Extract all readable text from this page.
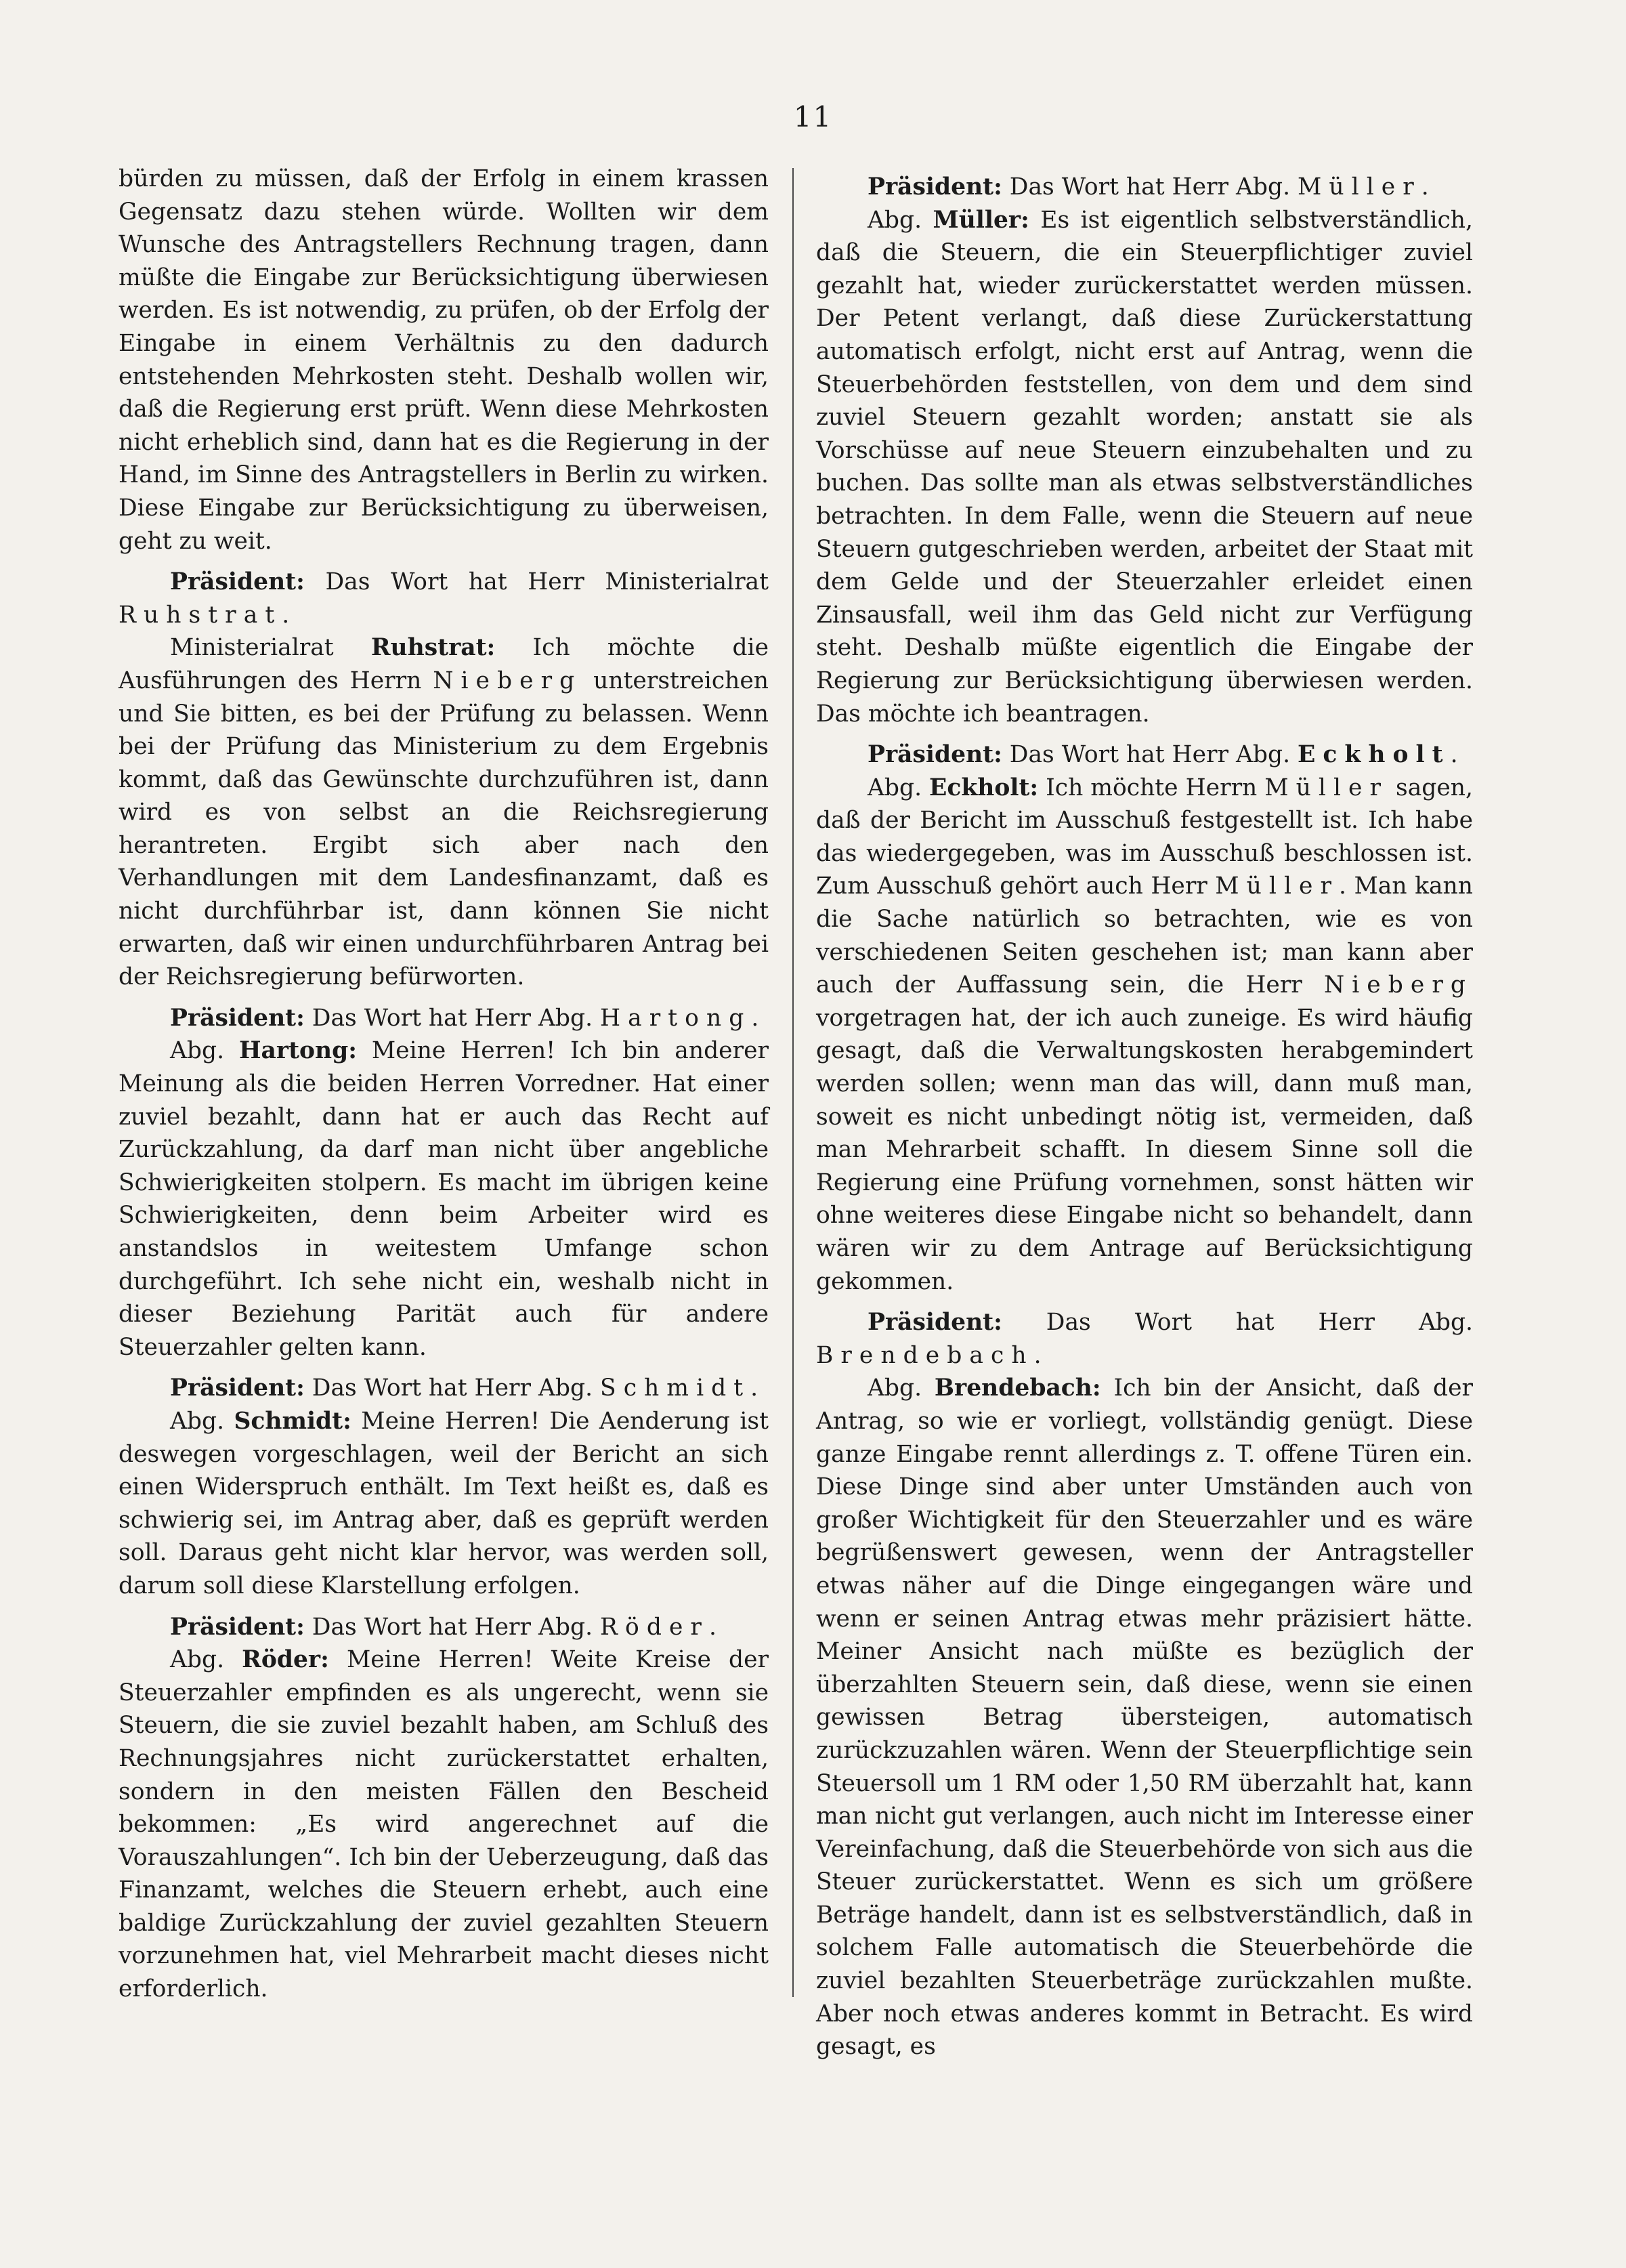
11

bürden zu müssen, daß der Erfolg in einem krassen Gegensatz dazu stehen würde. Wollten wir dem Wunsche des Antragstellers Rechnung tragen, dann müßte die Eingabe zur Berücksichtigung überwiesen werden. Es ist notwendig, zu prüfen, ob der Erfolg der Eingabe in einem Verhältnis zu den dadurch entstehenden Mehrkosten steht. Deshalb wollen wir, daß die Regierung erst prüft. Wenn diese Mehrkosten nicht erheblich sind, dann hat es die Regierung in der Hand, im Sinne des Antragstellers in Berlin zu wirken. Diese Eingabe zur Berücksichtigung zu überweisen, geht zu weit.

Präsident: Das Wort hat Herr Ministerialrat Ruhstrat.

Ministerialrat Ruhstrat: Ich möchte die Ausführungen des Herrn Nieberg unterstreichen und Sie bitten, es bei der Prüfung zu belassen. Wenn bei der Prüfung das Ministerium zu dem Ergebnis kommt, daß das Gewünschte durchzuführen ist, dann wird es von selbst an die Reichsregierung herantreten. Ergibt sich aber nach den Verhandlungen mit dem Landesfinanzamt, daß es nicht durchführbar ist, dann können Sie nicht erwarten, daß wir einen undurchführbaren Antrag bei der Reichsregierung befürworten.

Präsident: Das Wort hat Herr Abg. Hartong.

Abg. Hartong: Meine Herren! Ich bin anderer Meinung als die beiden Herren Vorredner. Hat einer zuviel bezahlt, dann hat er auch das Recht auf Zurückzahlung, da darf man nicht über angebliche Schwierigkeiten stolpern. Es macht im übrigen keine Schwierigkeiten, denn beim Arbeiter wird es anstandslos in weitestem Umfange schon durchgeführt. Ich sehe nicht ein, weshalb nicht in dieser Beziehung Parität auch für andere Steuerzahler gelten kann.

Präsident: Das Wort hat Herr Abg. Schmidt.

Abg. Schmidt: Meine Herren! Die Aenderung ist deswegen vorgeschlagen, weil der Bericht an sich einen Widerspruch enthält. Im Text heißt es, daß es schwierig sei, im Antrag aber, daß es geprüft werden soll. Daraus geht nicht klar hervor, was werden soll, darum soll diese Klarstellung erfolgen.

Präsident: Das Wort hat Herr Abg. Röder.

Abg. Röder: Meine Herren! Weite Kreise der Steuerzahler empfinden es als ungerecht, wenn sie Steuern, die sie zuviel bezahlt haben, am Schluß des Rechnungsjahres nicht zurückerstattet erhalten, sondern in den meisten Fällen den Bescheid bekommen: „Es wird angerechnet auf die Vorauszahlungen“. Ich bin der Ueberzeugung, daß das Finanzamt, welches die Steuern erhebt, auch eine baldige Zurückzahlung der zuviel gezahlten Steuern vorzunehmen hat, viel Mehrarbeit macht dieses nicht erforderlich.

Präsident: Das Wort hat Herr Abg. Müller.

Abg. Müller: Es ist eigentlich selbstverständlich, daß die Steuern, die ein Steuerpflichtiger zuviel gezahlt hat, wieder zurückerstattet werden müssen. Der Petent verlangt, daß diese Zurückerstattung automatisch erfolgt, nicht erst auf Antrag, wenn die Steuerbehörden feststellen, von dem und dem sind zuviel Steuern gezahlt worden; anstatt sie als Vorschüsse auf neue Steuern einzubehalten und zu buchen. Das sollte man als etwas selbstverständliches betrachten. In dem Falle, wenn die Steuern auf neue Steuern gutgeschrieben werden, arbeitet der Staat mit dem Gelde und der Steuerzahler erleidet einen Zinsausfall, weil ihm das Geld nicht zur Verfügung steht. Deshalb müßte eigentlich die Eingabe der Regierung zur Berücksichtigung überwiesen werden. Das möchte ich beantragen.

Präsident: Das Wort hat Herr Abg. Eckholt.

Abg. Eckholt: Ich möchte Herrn Müller sagen, daß der Bericht im Ausschuß festgestellt ist. Ich habe das wiedergegeben, was im Ausschuß beschlossen ist. Zum Ausschuß gehört auch Herr Müller. Man kann die Sache natürlich so betrachten, wie es von verschiedenen Seiten geschehen ist; man kann aber auch der Auffassung sein, die Herr Nieberg vorgetragen hat, der ich auch zuneige. Es wird häufig gesagt, daß die Verwaltungskosten herabgemindert werden sollen; wenn man das will, dann muß man, soweit es nicht unbedingt nötig ist, vermeiden, daß man Mehrarbeit schafft. In diesem Sinne soll die Regierung eine Prüfung vornehmen, sonst hätten wir ohne weiteres diese Eingabe nicht so behandelt, dann wären wir zu dem Antrage auf Berücksichtigung gekommen.

Präsident: Das Wort hat Herr Abg. Brendebach.

Abg. Brendebach: Ich bin der Ansicht, daß der Antrag, so wie er vorliegt, vollständig genügt. Diese ganze Eingabe rennt allerdings z. T. offene Türen ein. Diese Dinge sind aber unter Umständen auch von großer Wichtigkeit für den Steuerzahler und es wäre begrüßenswert gewesen, wenn der Antragsteller etwas näher auf die Dinge eingegangen wäre und wenn er seinen Antrag etwas mehr präzisiert hätte. Meiner Ansicht nach müßte es bezüglich der überzahlten Steuern sein, daß diese, wenn sie einen gewissen Betrag übersteigen, automatisch zurückzuzahlen wären. Wenn der Steuerpflichtige sein Steuersoll um 1 RM oder 1,50 RM überzahlt hat, kann man nicht gut verlangen, auch nicht im Interesse einer Vereinfachung, daß die Steuerbehörde von sich aus die Steuer zurückerstattet. Wenn es sich um größere Beträge handelt, dann ist es selbstverständlich, daß in solchem Falle automatisch die Steuerbehörde die zuviel bezahlten Steuerbeträge zurückzahlen mußte. Aber noch etwas anderes kommt in Betracht. Es wird gesagt, es
